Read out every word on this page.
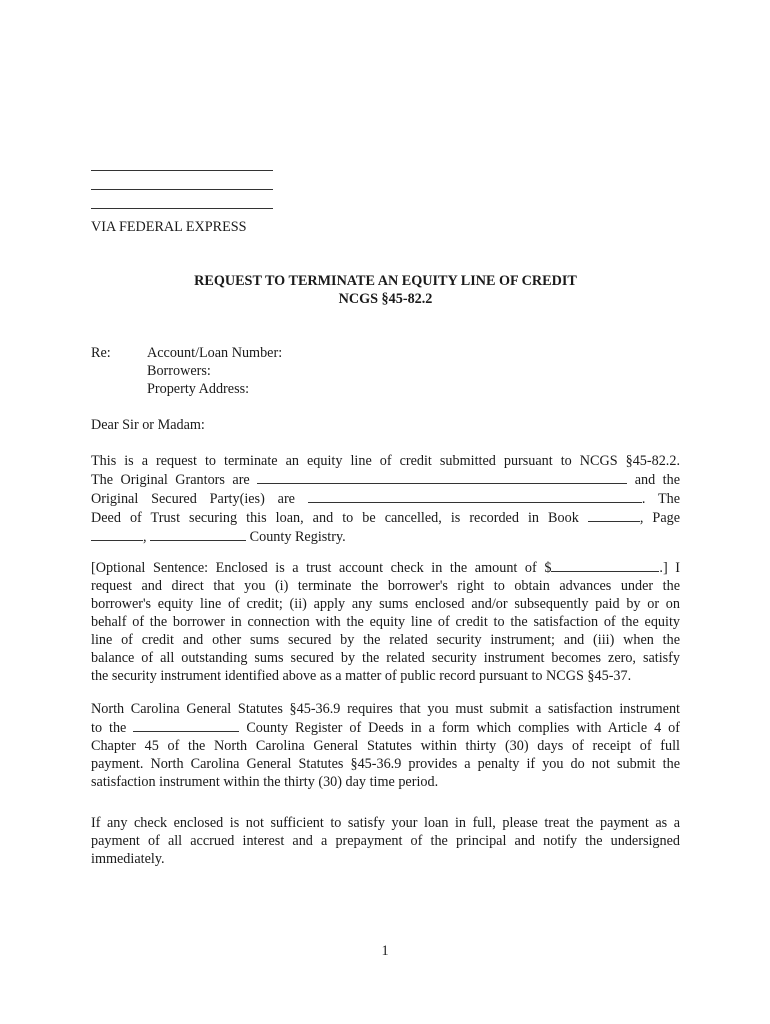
VIA FEDERAL EXPRESS
REQUEST TO TERMINATE AN EQUITY LINE OF CREDIT
NCGS §45-82.2
Re:	Account/Loan Number:
Borrowers:
Property Address:
Dear Sir or Madam:
This is a request to terminate an equity line of credit submitted pursuant to NCGS §45-82.2.
The Original Grantors are	and the
Original Secured Party(ies) are	. The
Deed of Trust securing this loan, and to be cancelled, is recorded in Book	, Page
,	County Registry.
[Optional Sentence: Enclosed is a trust account check in the amount of $	.] I
request and direct that you (i) terminate the borrower's right to obtain advances under the
borrower's equity line of credit; (ii) apply any sums enclosed and/or subsequently paid by or on
behalf of the borrower in connection with the equity line of credit to the satisfaction of the equity
line of credit and other sums secured by the related security instrument; and (iii) when the
balance of all outstanding sums secured by the related security instrument becomes zero, satisfy
the security instrument identified above as a matter of public record pursuant to NCGS §45-37.
North Carolina General Statutes §45-36.9 requires that you must submit a satisfaction instrument
to the	County Register of Deeds in a form which complies with Article 4 of
Chapter 45 of the North Carolina General Statutes within thirty (30) days of receipt of full
payment. North Carolina General Statutes §45-36.9 provides a penalty if you do not submit the
satisfaction instrument within the thirty (30) day time period.
If any check enclosed is not sufficient to satisfy your loan in full, please treat the payment as a
payment of all accrued interest and a prepayment of the principal and notify the undersigned
immediately.
1
